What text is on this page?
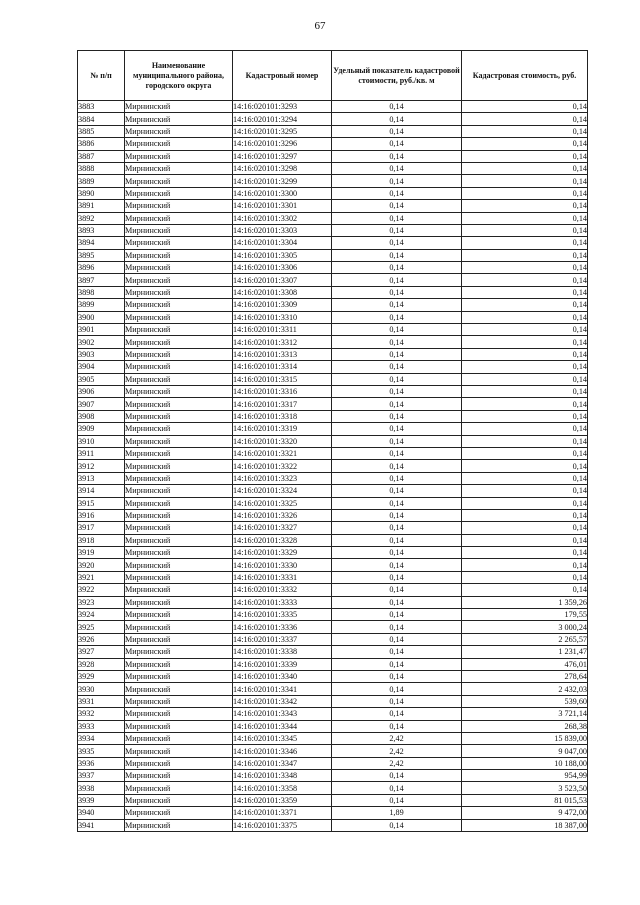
67
№ п/п	Наименование муниципального района, городского округа	Кадастровый номер	Удельный показатель кадастровой стоимости, руб./кв. м	Кадастровая стоимость, руб.
3883	Мирнинский	14:16:020101:3293	0,14	0,14
3884	Мирнинский	14:16:020101:3294	0,14	0,14
3885	Мирнинский	14:16:020101:3295	0,14	0,14
3886	Мирнинский	14:16:020101:3296	0,14	0,14
3887	Мирнинский	14:16:020101:3297	0,14	0,14
3888	Мирнинский	14:16:020101:3298	0,14	0,14
3889	Мирнинский	14:16:020101:3299	0,14	0,14
3890	Мирнинский	14:16:020101:3300	0,14	0,14
3891	Мирнинский	14:16:020101:3301	0,14	0,14
3892	Мирнинский	14:16:020101:3302	0,14	0,14
3893	Мирнинский	14:16:020101:3303	0,14	0,14
3894	Мирнинский	14:16:020101:3304	0,14	0,14
3895	Мирнинский	14:16:020101:3305	0,14	0,14
3896	Мирнинский	14:16:020101:3306	0,14	0,14
3897	Мирнинский	14:16:020101:3307	0,14	0,14
3898	Мирнинский	14:16:020101:3308	0,14	0,14
3899	Мирнинский	14:16:020101:3309	0,14	0,14
3900	Мирнинский	14:16:020101:3310	0,14	0,14
3901	Мирнинский	14:16:020101:3311	0,14	0,14
3902	Мирнинский	14:16:020101:3312	0,14	0,14
3903	Мирнинский	14:16:020101:3313	0,14	0,14
3904	Мирнинский	14:16:020101:3314	0,14	0,14
3905	Мирнинский	14:16:020101:3315	0,14	0,14
3906	Мирнинский	14:16:020101:3316	0,14	0,14
3907	Мирнинский	14:16:020101:3317	0,14	0,14
3908	Мирнинский	14:16:020101:3318	0,14	0,14
3909	Мирнинский	14:16:020101:3319	0,14	0,14
3910	Мирнинский	14:16:020101:3320	0,14	0,14
3911	Мирнинский	14:16:020101:3321	0,14	0,14
3912	Мирнинский	14:16:020101:3322	0,14	0,14
3913	Мирнинский	14:16:020101:3323	0,14	0,14
3914	Мирнинский	14:16:020101:3324	0,14	0,14
3915	Мирнинский	14:16:020101:3325	0,14	0,14
3916	Мирнинский	14:16:020101:3326	0,14	0,14
3917	Мирнинский	14:16:020101:3327	0,14	0,14
3918	Мирнинский	14:16:020101:3328	0,14	0,14
3919	Мирнинский	14:16:020101:3329	0,14	0,14
3920	Мирнинский	14:16:020101:3330	0,14	0,14
3921	Мирнинский	14:16:020101:3331	0,14	0,14
3922	Мирнинский	14:16:020101:3332	0,14	0,14
3923	Мирнинский	14:16:020101:3333	0,14	1 359,26
3924	Мирнинский	14:16:020101:3335	0,14	179,55
3925	Мирнинский	14:16:020101:3336	0,14	3 000,24
3926	Мирнинский	14:16:020101:3337	0,14	2 265,57
3927	Мирнинский	14:16:020101:3338	0,14	1 231,47
3928	Мирнинский	14:16:020101:3339	0,14	476,01
3929	Мирнинский	14:16:020101:3340	0,14	278,64
3930	Мирнинский	14:16:020101:3341	0,14	2 432,03
3931	Мирнинский	14:16:020101:3342	0,14	539,60
3932	Мирнинский	14:16:020101:3343	0,14	3 721,14
3933	Мирнинский	14:16:020101:3344	0,14	268,38
3934	Мирнинский	14:16:020101:3345	2,42	15 839,00
3935	Мирнинский	14:16:020101:3346	2,42	9 047,00
3936	Мирнинский	14:16:020101:3347	2,42	10 188,00
3937	Мирнинский	14:16:020101:3348	0,14	954,99
3938	Мирнинский	14:16:020101:3358	0,14	3 523,50
3939	Мирнинский	14:16:020101:3359	0,14	81 015,53
3940	Мирнинский	14:16:020101:3371	1,89	9 472,00
3941	Мирнинский	14:16:020101:3375	0,14	18 387,00
